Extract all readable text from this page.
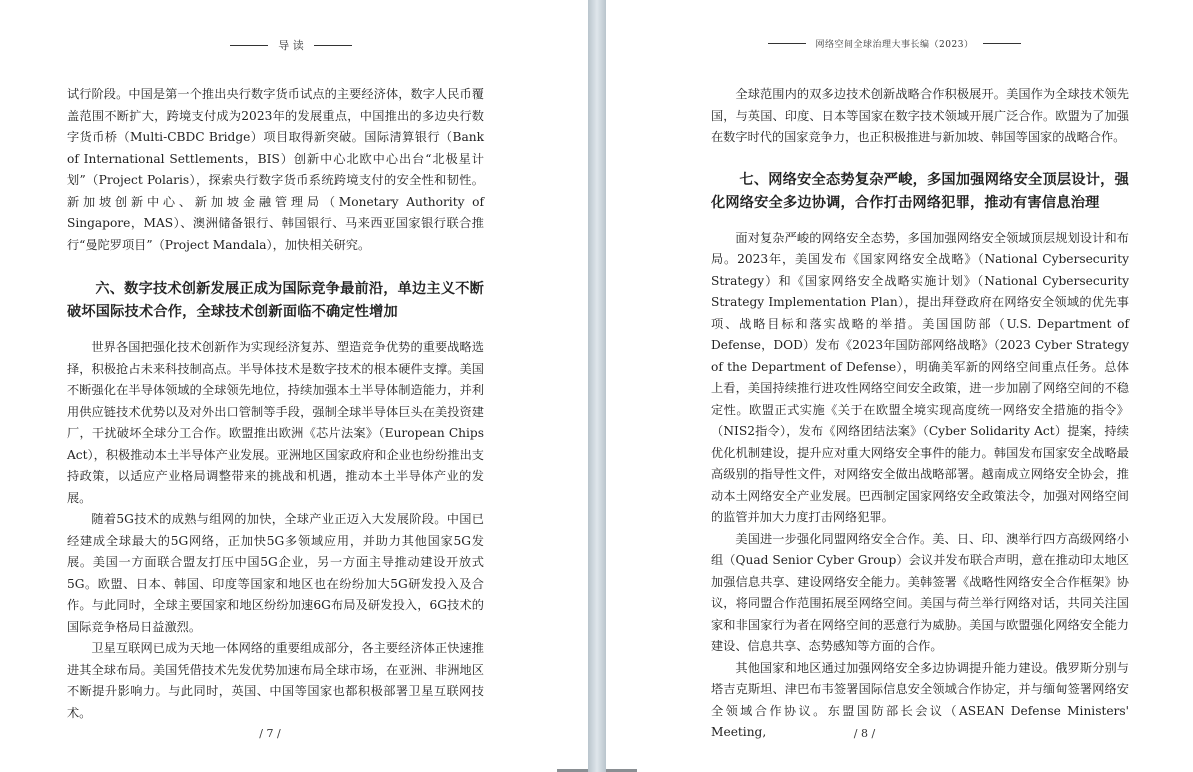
导 读

试行阶段。中国是第一个推出央行数字货币试点的主要经济体，数字人民币覆盖范围不断扩大，跨境支付成为2023年的发展重点，中国推出的多边央行数字货币桥（Multi-CBDC Bridge）项目取得新突破。国际清算银行（Bank of International Settlements，BIS）创新中心北欧中心出台“北极星计划”（Project Polaris），探索央行数字货币系统跨境支付的安全性和韧性。新加坡创新中心、新加坡金融管理局（Monetary Authority of Singapore，MAS）、澳洲储备银行、韩国银行、马来西亚国家银行联合推行“曼陀罗项目”（Project Mandala），加快相关研究。

六、数字技术创新发展正成为国际竞争最前沿，单边主义不断破坏国际技术合作，全球技术创新面临不确定性增加

世界各国把强化技术创新作为实现经济复苏、塑造竞争优势的重要战略选择，积极抢占未来科技制高点。半导体技术是数字技术的根本硬件支撑。美国不断强化在半导体领域的全球领先地位，持续加强本土半导体制造能力，并利用供应链技术优势以及对外出口管制等手段，强制全球半导体巨头在美投资建厂，干扰破坏全球分工合作。欧盟推出欧洲《芯片法案》（European Chips Act），积极推动本土半导体产业发展。亚洲地区国家政府和企业也纷纷推出支持政策，以适应产业格局调整带来的挑战和机遇，推动本土半导体产业的发展。

随着5G技术的成熟与组网的加快，全球产业正迈入大发展阶段。中国已经建成全球最大的5G网络，正加快5G多领域应用，并助力其他国家5G发展。美国一方面联合盟友打压中国5G企业，另一方面主导推动建设开放式5G。欧盟、日本、韩国、印度等国家和地区也在纷纷加大5G研发投入及合作。与此同时，全球主要国家和地区纷纷加速6G布局及研发投入，6G技术的国际竞争格局日益激烈。

卫星互联网已成为天地一体网络的重要组成部分，各主要经济体正快速推进其全球布局。美国凭借技术先发优势加速布局全球市场，在亚洲、非洲地区不断提升影响力。与此同时，英国、中国等国家也都积极部署卫星互联网技术。

/ 7 /
网络空间全球治理大事长编（2023）

全球范围内的双多边技术创新战略合作积极展开。美国作为全球技术领先国，与英国、印度、日本等国家在数字技术领域开展广泛合作。欧盟为了加强在数字时代的国家竞争力，也正积极推进与新加坡、韩国等国家的战略合作。

七、网络安全态势复杂严峻，多国加强网络安全顶层设计，强化网络安全多边协调，合作打击网络犯罪，推动有害信息治理

面对复杂严峻的网络安全态势，多国加强网络安全领域顶层规划设计和布局。2023年，美国发布《国家网络安全战略》（National Cybersecurity Strategy）和《国家网络安全战略实施计划》（National Cybersecurity Strategy Implementation Plan），提出拜登政府在网络安全领域的优先事项、战略目标和落实战略的举措。美国国防部（U.S. Department of Defense，DOD）发布《2023年国防部网络战略》（2023 Cyber Strategy of the Department of Defense），明确美军新的网络空间重点任务。总体上看，美国持续推行进攻性网络空间安全政策，进一步加剧了网络空间的不稳定性。欧盟正式实施《关于在欧盟全境实现高度统一网络安全措施的指令》（NIS2指令），发布《网络团结法案》（Cyber Solidarity Act）提案，持续优化机制建设，提升应对重大网络安全事件的能力。韩国发布国家安全战略最高级别的指导性文件，对网络安全做出战略部署。越南成立网络安全协会，推动本土网络安全产业发展。巴西制定国家网络安全政策法令，加强对网络空间的监管并加大力度打击网络犯罪。

美国进一步强化同盟网络安全合作。美、日、印、澳举行四方高级网络小组（Quad Senior Cyber Group）会议并发布联合声明，意在推动印太地区加强信息共享、建设网络安全能力。美韩签署《战略性网络安全合作框架》协议，将同盟合作范围拓展至网络空间。美国与荷兰举行网络对话，共同关注国家和非国家行为者在网络空间的恶意行为威胁。美国与欧盟强化网络安全能力建设、信息共享、态势感知等方面的合作。

其他国家和地区通过加强网络安全多边协调提升能力建设。俄罗斯分别与塔吉克斯坦、津巴布韦签署国际信息安全领域合作协定，并与缅甸签署网络安全领域合作协议。东盟国防部长会议（ASEAN Defense Ministers' Meeting,	/ 8 /
